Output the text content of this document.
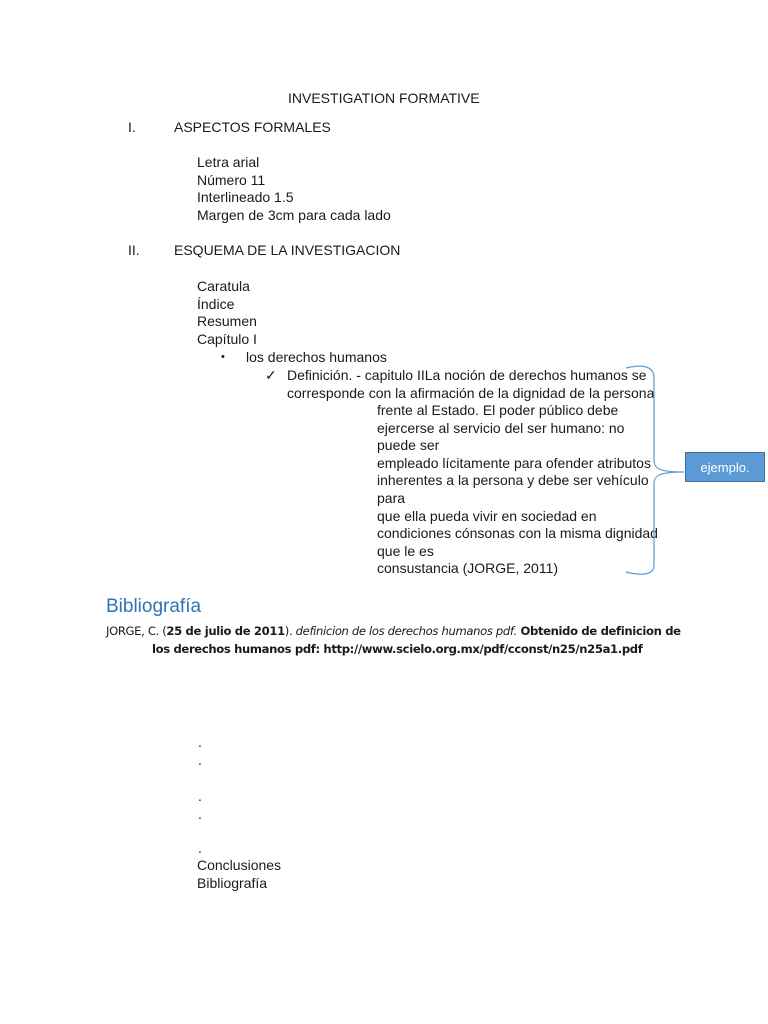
INVESTIGATION FORMATIVE
I.	ASPECTOS FORMALES
Letra arial
Número 11
Interlineado 1.5
Margen de 3cm para cada lado
II. ESQUEMA DE LA INVESTIGACION
Caratula
Índice
Resumen
Capítulo I
• los derechos humanos
✓ Definición. - capitulo IILa noción de derechos humanos se
corresponde con la afirmación de la dignidad de la persona
frente al Estado. El poder público debe
ejercerse al servicio del ser humano: no
puede ser
empleado lícitamente para ofender atributos
inherentes a la persona y debe ser vehículo
para
que ella pueda vivir en sociedad en
condiciones cónsonas con la misma dignidad
que le es
consustancia (JORGE, 2011)
ejemplo.
Bibliografía
JORGE, C. (25 de julio de 2011). definicion de los derechos humanos pdf. Obtenido de definicion de
los derechos humanos pdf: http://www.scielo.org.mx/pdf/cconst/n25/n25a1.pdf
.
.
.
.
.
Conclusiones
Bibliografía
